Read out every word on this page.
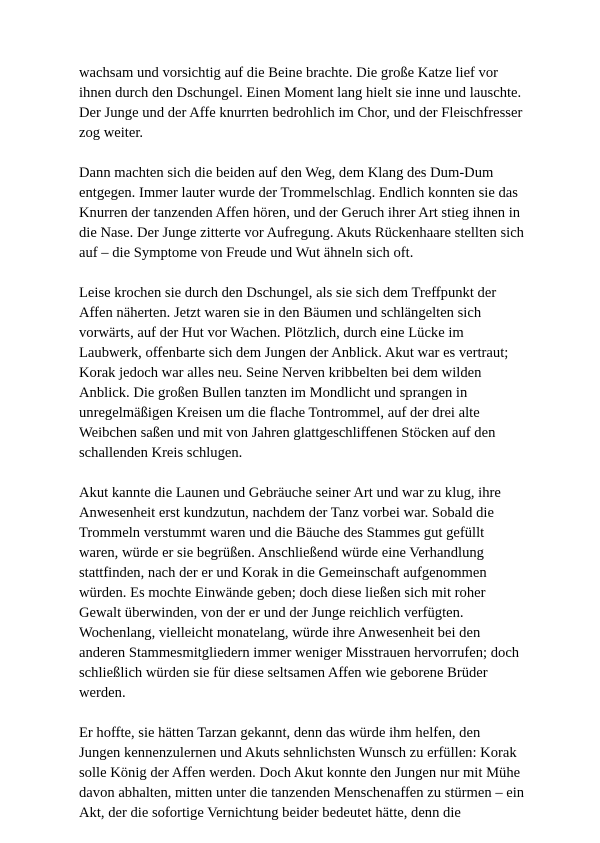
wachsam und vorsichtig auf die Beine brachte. Die große Katze lief vor
ihnen durch den Dschungel. Einen Moment lang hielt sie inne und lauschte.
Der Junge und der Affe knurrten bedrohlich im Chor, und der Fleischfresser
zog weiter.

Dann machten sich die beiden auf den Weg, dem Klang des Dum-Dum
entgegen. Immer lauter wurde der Trommelschlag. Endlich konnten sie das
Knurren der tanzenden Affen hören, und der Geruch ihrer Art stieg ihnen in
die Nase. Der Junge zitterte vor Aufregung. Akuts Rückenhaare stellten sich
auf – die Symptome von Freude und Wut ähneln sich oft.

Leise krochen sie durch den Dschungel, als sie sich dem Treffpunkt der
Affen näherten. Jetzt waren sie in den Bäumen und schlängelten sich
vorwärts, auf der Hut vor Wachen. Plötzlich, durch eine Lücke im
Laubwerk, offenbarte sich dem Jungen der Anblick. Akut war es vertraut;
Korak jedoch war alles neu. Seine Nerven kribbelten bei dem wilden
Anblick. Die großen Bullen tanzten im Mondlicht und sprangen in
unregelmäßigen Kreisen um die flache Tontrommel, auf der drei alte
Weibchen saßen und mit von Jahren glattgeschliffenen Stöcken auf den
schallenden Kreis schlugen.

Akut kannte die Launen und Gebräuche seiner Art und war zu klug, ihre
Anwesenheit erst kundzutun, nachdem der Tanz vorbei war. Sobald die
Trommeln verstummt waren und die Bäuche des Stammes gut gefüllt
waren, würde er sie begrüßen. Anschließend würde eine Verhandlung
stattfinden, nach der er und Korak in die Gemeinschaft aufgenommen
würden. Es mochte Einwände geben; doch diese ließen sich mit roher
Gewalt überwinden, von der er und der Junge reichlich verfügten.
Wochenlang, vielleicht monatelang, würde ihre Anwesenheit bei den
anderen Stammesmitgliedern immer weniger Misstrauen hervorrufen; doch
schließlich würden sie für diese seltsamen Affen wie geborene Brüder
werden.

Er hoffte, sie hätten Tarzan gekannt, denn das würde ihm helfen, den
Jungen kennenzulernen und Akuts sehnlichsten Wunsch zu erfüllen: Korak
solle König der Affen werden. Doch Akut konnte den Jungen nur mit Mühe
davon abhalten, mitten unter die tanzenden Menschenaffen zu stürmen – ein
Akt, der die sofortige Vernichtung beider bedeutet hätte, denn die
